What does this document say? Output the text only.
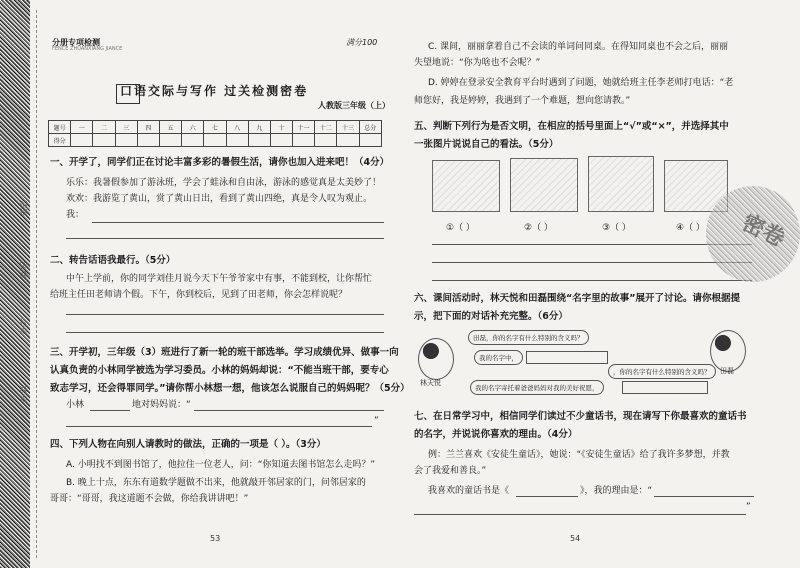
班级
姓名
学号
学校
分册专项检测
FENCE ZHUANXIANG JIANCE
满分100
口语交际与写作 过关检测密卷
人教版三年级（上）
题号	一	二	三	四	五	六	七	八	九	十	十一	十二	十三	总分
得分														
一、开学了，同学们正在讨论丰富多彩的暑假生活，请你也加入进来吧！（4分）
乐乐：我暑假参加了游泳班，学会了蛙泳和自由泳，游泳的感觉真是太美妙了！
欢欢：我游览了黄山，赏了黄山日出，看到了黄山四绝，真是令人叹为观止。
我：
二、转告话语我最行。（5分）
中午上学前，你的同学刘佳月说今天下午爷爷家中有事，不能到校，让你帮忙
给班主任田老师请个假。下午，你到校后，见到了田老师，你会怎样说呢？
三、开学初，三年级（3）班进行了新一轮的班干部选举。学习成绩优异、做事一向
认真负责的小林同学被选为学习委员。小林的妈妈却说：“不能当班干部，要专心
致志学习，还会得罪同学。”请你帮小林想一想，他该怎么说服自己的妈妈呢？（5分）
小林	地对妈妈说：“
”
四、下列人物在向别人请教时的做法，正确的一项是（ ）。（3分）
A. 小明找不到图书馆了，他拉住一位老人，问：“你知道去图书馆怎么走吗？”
B. 晚上十点，东东有道数学题做不出来，他就敲开邻居家的门，问邻居家的
哥哥：“哥哥，我这道题不会做，你给我讲讲吧！”
53
C. 课间，丽丽拿着自己不会读的单词问同桌。在得知同桌也不会之后，丽丽
失望地说：“你为啥也不会呢？”
D. 婷婷在登录安全教育平台时遇到了问题，她就给班主任李老师打电话：“老
师您好，我是婷婷，我遇到了一个难题，想向您请教。”
五、判断下列行为是否文明，在相应的括号里面上“√”或“×”，并选择其中
一张图片说说自己的看法。（5分）
①（ ）	②（ ）	③（ ）	④（ ）
六、课间活动时，林天悦和田磊围绕“名字里的故事”展开了讨论。请你根据提
示，把下面的对话补充完整。（6分）
林天悦
田磊
田磊，你的名字有什么特别的含义吗？
我的名字中，
，你的名字有什么特别的含义吗？
我的名字寄托着爸爸妈妈对我的美好祝愿，
七、在日常学习中，相信同学们读过不少童话书，现在请写下你最喜欢的童话书
的名字，并说说你喜欢的理由。（4分）
例：兰兰喜欢《安徒生童话》，她说：“《安徒生童话》给了我许多梦想，并教
会了我爱和善良。”
我喜欢的童话书是《	》，我的理由是：“
”
54
密卷
